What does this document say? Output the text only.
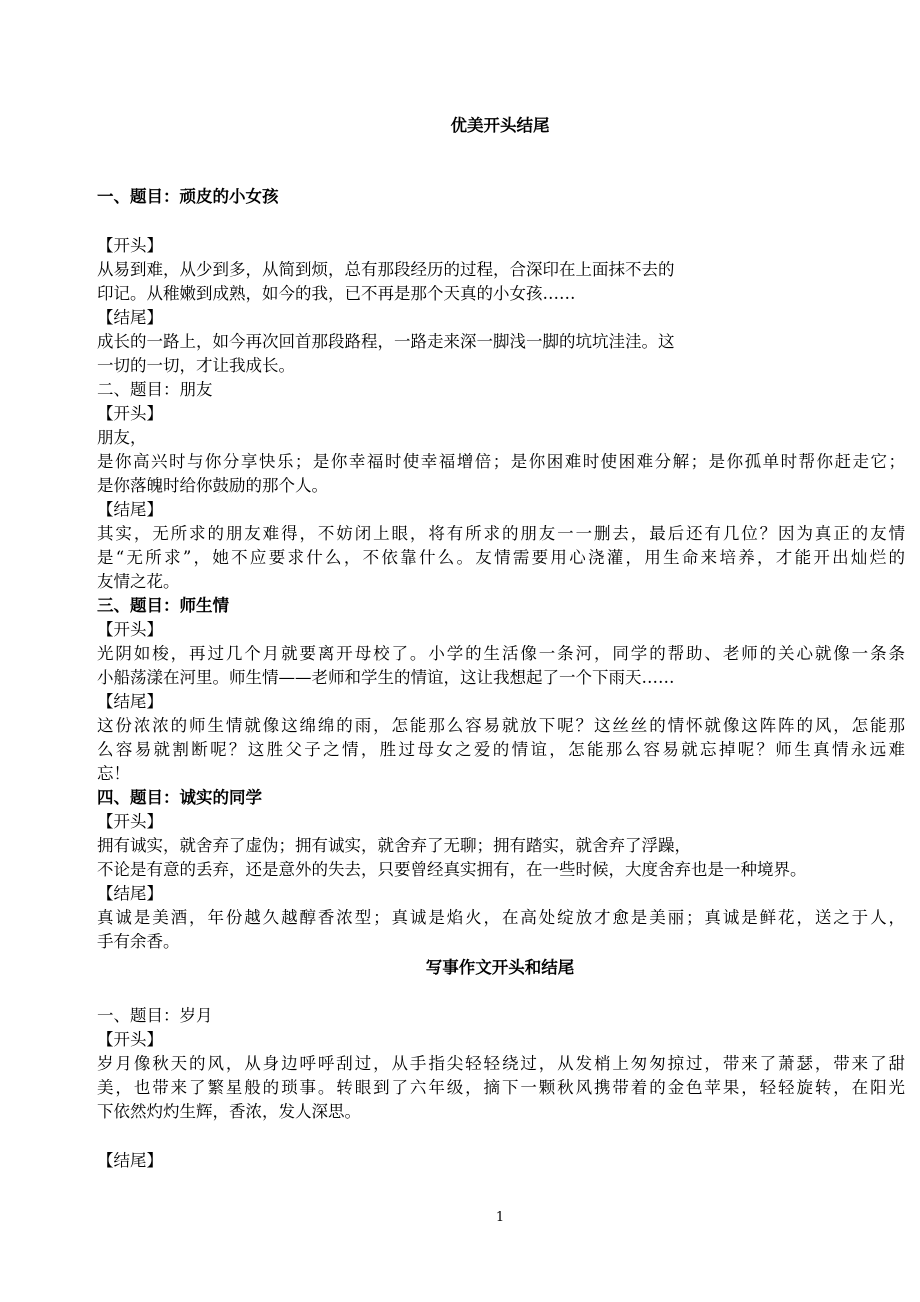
优美开头结尾
一、题目：顽皮的小女孩
【开头】
从易到难，从少到多，从简到烦，总有那段经历的过程，合深印在上面抹不去的
印记。从稚嫩到成熟，如今的我，已不再是那个天真的小女孩……
【结尾】
成长的一路上，如今再次回首那段路程，一路走来深一脚浅一脚的坑坑洼洼。这
一切的一切，才让我成长。
二、题目：朋友
【开头】
朋友，
是你高兴时与你分享快乐；是你幸福时使幸福增倍；是你困难时使困难分解；是你孤单时帮你赶走它；
是你落魄时给你鼓励的那个人。
【结尾】
其实，无所求的朋友难得，不妨闭上眼，将有所求的朋友一一删去，最后还有几位？因为真正的友情
是“无所求”，她不应要求什么，不依靠什么。友情需要用心浇灌，用生命来培养，才能开出灿烂的
友情之花。
三、题目：师生情
【开头】
光阴如梭，再过几个月就要离开母校了。小学的生活像一条河，同学的帮助、老师的关心就像一条条
小船荡漾在河里。师生情——老师和学生的情谊，这让我想起了一个下雨天……
【结尾】
这份浓浓的师生情就像这绵绵的雨，怎能那么容易就放下呢？这丝丝的情怀就像这阵阵的风，怎能那
么容易就割断呢？这胜父子之情，胜过母女之爱的情谊，怎能那么容易就忘掉呢？师生真情永远难
忘！
四、题目：诚实的同学
【开头】
拥有诚实，就舍弃了虚伪；拥有诚实，就舍弃了无聊；拥有踏实，就舍弃了浮躁，
不论是有意的丢弃，还是意外的失去，只要曾经真实拥有，在一些时候，大度舍弃也是一种境界。
【结尾】
真诚是美酒，年份越久越醇香浓型；真诚是焰火，在高处绽放才愈是美丽；真诚是鲜花，送之于人，
手有余香。
写事作文开头和结尾
一、题目：岁月
【开头】
岁月像秋天的风，从身边呼呼刮过，从手指尖轻轻绕过，从发梢上匆匆掠过，带来了萧瑟，带来了甜
美，也带来了繁星般的琐事。转眼到了六年级，摘下一颗秋风携带着的金色苹果，轻轻旋转，在阳光
下依然灼灼生辉，香浓，发人深思。
【结尾】
1
